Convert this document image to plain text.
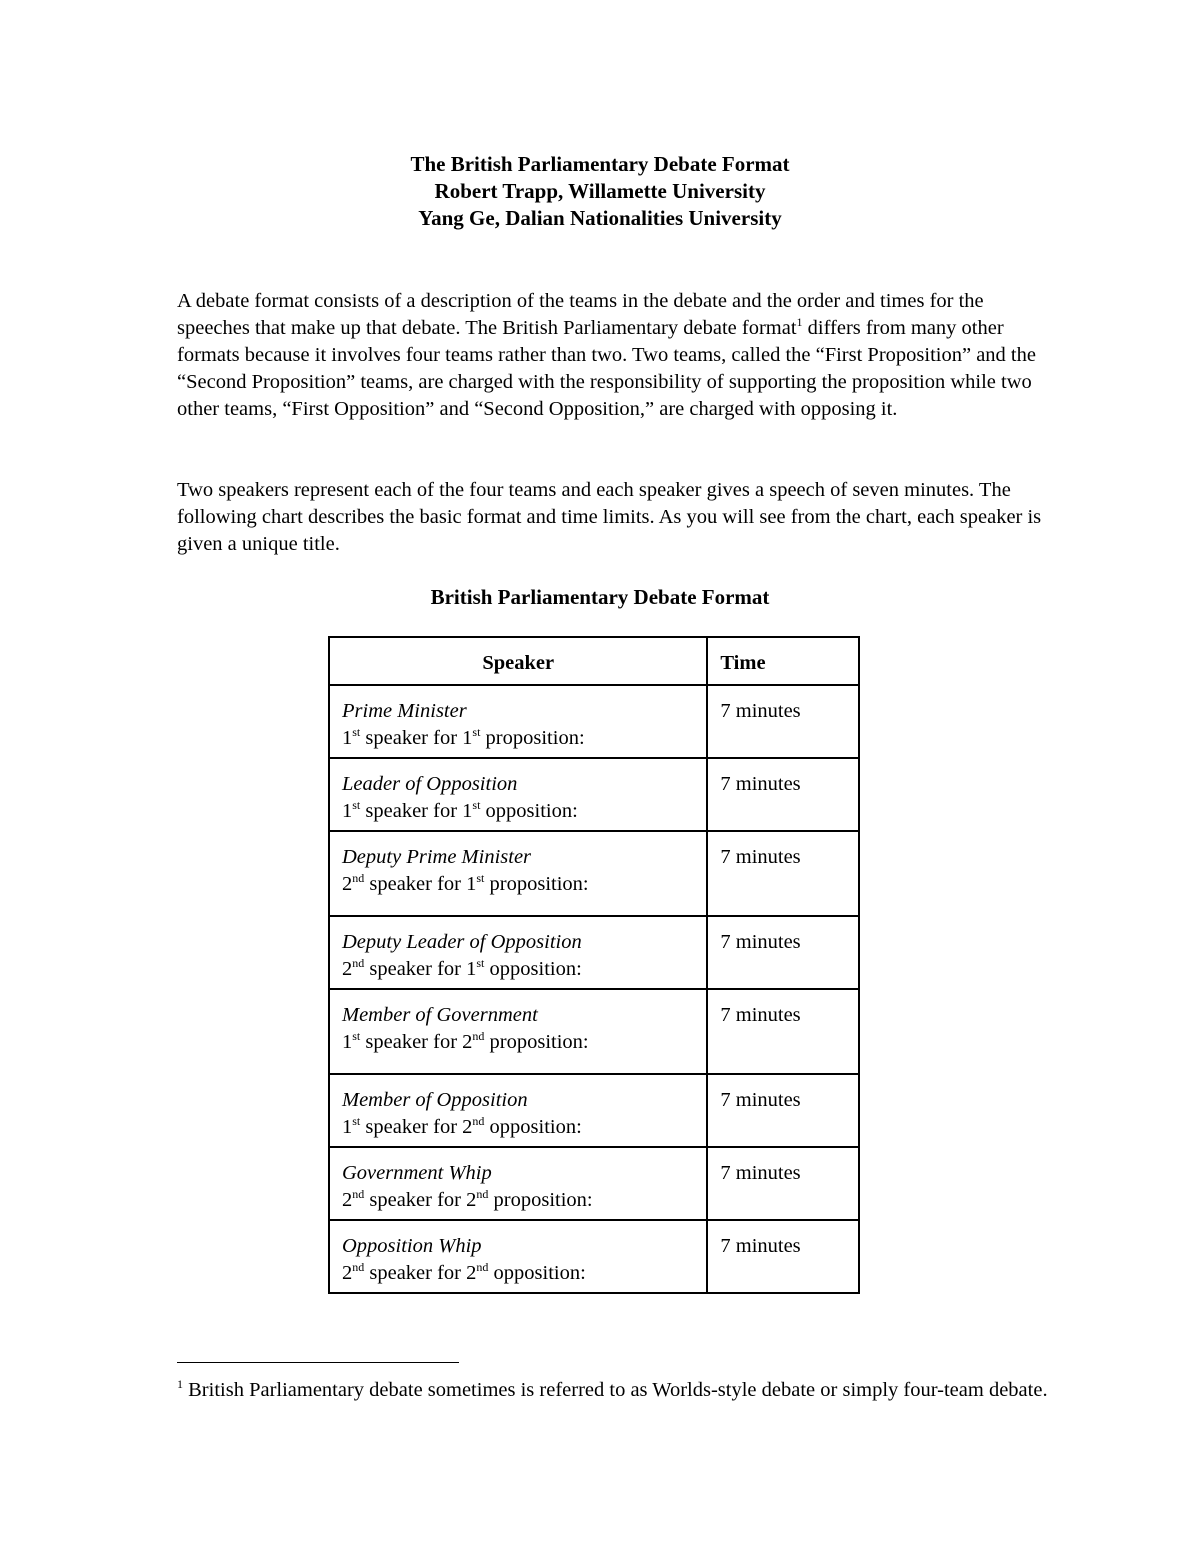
The British Parliamentary Debate Format
Robert Trapp, Willamette University
Yang Ge, Dalian Nationalities University
A debate format consists of a description of the teams in the debate and the order and times for the speeches that make up that debate. The British Parliamentary debate format$^1$ differs from many other formats because it involves four teams rather than two. Two teams, called the “First Proposition” and the “Second Proposition” teams, are charged with the responsibility of supporting the proposition while two other teams, “First Opposition” and “Second Opposition,” are charged with opposing it.
Two speakers represent each of the four teams and each speaker gives a speech of seven minutes. The following chart describes the basic format and time limits. As you will see from the chart, each speaker is given a unique title.
British Parliamentary Debate Format
Speaker	Time

Prime Minister
1st speaker for 1st proposition:	7 minutes

Leader of Opposition
1st speaker for 1st opposition:	7 minutes

Deputy Prime Minister
2nd speaker for 1st proposition:	7 minutes

Deputy Leader of Opposition
2nd speaker for 1st opposition:	7 minutes

Member of Government
1st speaker for 2nd proposition:	7 minutes

Member of Opposition
1st speaker for 2nd opposition:	7 minutes

Government Whip
2nd speaker for 2nd proposition:	7 minutes

Opposition Whip
2nd speaker for 2nd opposition:	7 minutes
$^1$ British Parliamentary debate sometimes is referred to as Worlds-style debate or simply four-team debate.
